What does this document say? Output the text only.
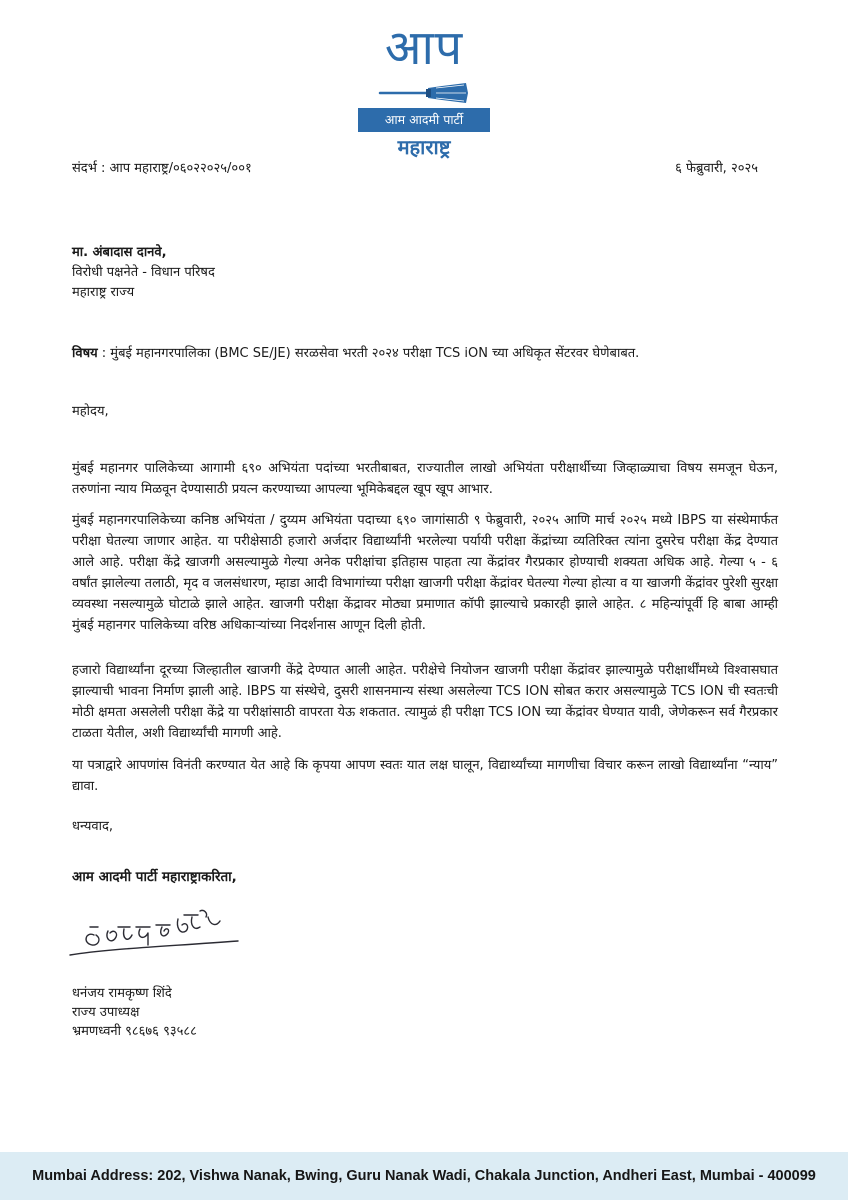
आप
आम आदमी पार्टी
महाराष्ट्र
संदर्भ : आप महाराष्ट्र/०६०२२०२५/००१	६ फेब्रुवारी, २०२५
मा. अंबादास दानवे,
विरोधी पक्षनेते - विधान परिषद
महाराष्ट्र राज्य
विषय : मुंबई महानगरपालिका (BMC SE/JE) सरळसेवा भरती २०२४ परीक्षा TCS iON च्या अधिकृत सेंटरवर घेणेबाबत.
महोदय,
मुंबई महानगर पालिकेच्या आगामी ६९० अभियंता पदांच्या भरतीबाबत, राज्यातील लाखो अभियंता परीक्षार्थीच्या जिव्हाळ्याचा विषय समजून घेऊन, तरुणांना न्याय मिळवून देण्यासाठी प्रयत्न करण्याच्या आपल्या भूमिकेबद्दल खूप खूप आभार.
मुंबई महानगरपालिकेच्या कनिष्ठ अभियंता / दुय्यम अभियंता पदाच्या ६९० जागांसाठी ९ फेब्रुवारी, २०२५ आणि मार्च २०२५ मध्ये IBPS या संस्थेमार्फत परीक्षा घेतल्या जाणार आहेत. या परीक्षेसाठी हजारो अर्जदार विद्यार्थ्यांनी भरलेल्या पर्यायी परीक्षा केंद्रांच्या व्यतिरिक्त त्यांना दुसरेच परीक्षा केंद्र देण्यात आले आहे. परीक्षा केंद्रे खाजगी असल्यामुळे गेल्या अनेक परीक्षांचा इतिहास पाहता त्या केंद्रांवर गैरप्रकार होण्याची शक्यता अधिक आहे. गेल्या ५ - ६ वर्षांत झालेल्या तलाठी, मृद व जलसंधारण, म्हाडा आदी विभागांच्या परीक्षा खाजगी परीक्षा केंद्रांवर घेतल्या गेल्या होत्या व या खाजगी केंद्रांवर पुरेशी सुरक्षा व्यवस्था नसल्यामुळे घोटाळे झाले आहेत. खाजगी परीक्षा केंद्रावर मोठ्या प्रमाणात कॉपी झाल्याचे प्रकारही झाले आहेत. ८ महिन्यांपूर्वी हि बाबा आम्ही मुंबई महानगर पालिकेच्या वरिष्ठ अधिकाऱ्यांच्या निदर्शनास आणून दिली होती.
हजारो विद्यार्थ्यांना दूरच्या जिल्हातील खाजगी केंद्रे देण्यात आली आहेत. परीक्षेचे नियोजन खाजगी परीक्षा केंद्रांवर झाल्यामुळे परीक्षार्थींमध्ये विश्वासघात झाल्याची भावना निर्माण झाली आहे. IBPS या संस्थेचे, दुसरी शासनमान्य संस्था असलेल्या TCS ION सोबत करार असल्यामुळे TCS ION ची स्वतःची मोठी क्षमता असलेली परीक्षा केंद्रे या परीक्षांसाठी वापरता येऊ शकतात. त्यामुळं ही परीक्षा TCS ION च्या केंद्रांवर घेण्यात यावी, जेणेकरून सर्व गैरप्रकार टाळता येतील, अशी विद्यार्थ्यांची मागणी आहे.
या पत्राद्वारे आपणांस विनंती करण्यात येत आहे कि कृपया आपण स्वतः यात लक्ष घालून, विद्यार्थ्यांच्या मागणीचा विचार करून लाखो विद्यार्थ्यांना “न्याय” द्यावा.
धन्यवाद,
आम आदमी पार्टी महाराष्ट्राकरिता,
धनंजय रामकृष्ण शिंदे
राज्य उपाध्यक्ष
भ्रमणध्वनी ९८६७६ ९३५८८
Mumbai Address: 202, Vishwa Nanak, Bwing, Guru Nanak Wadi, Chakala Junction, Andheri East, Mumbai - 400099
